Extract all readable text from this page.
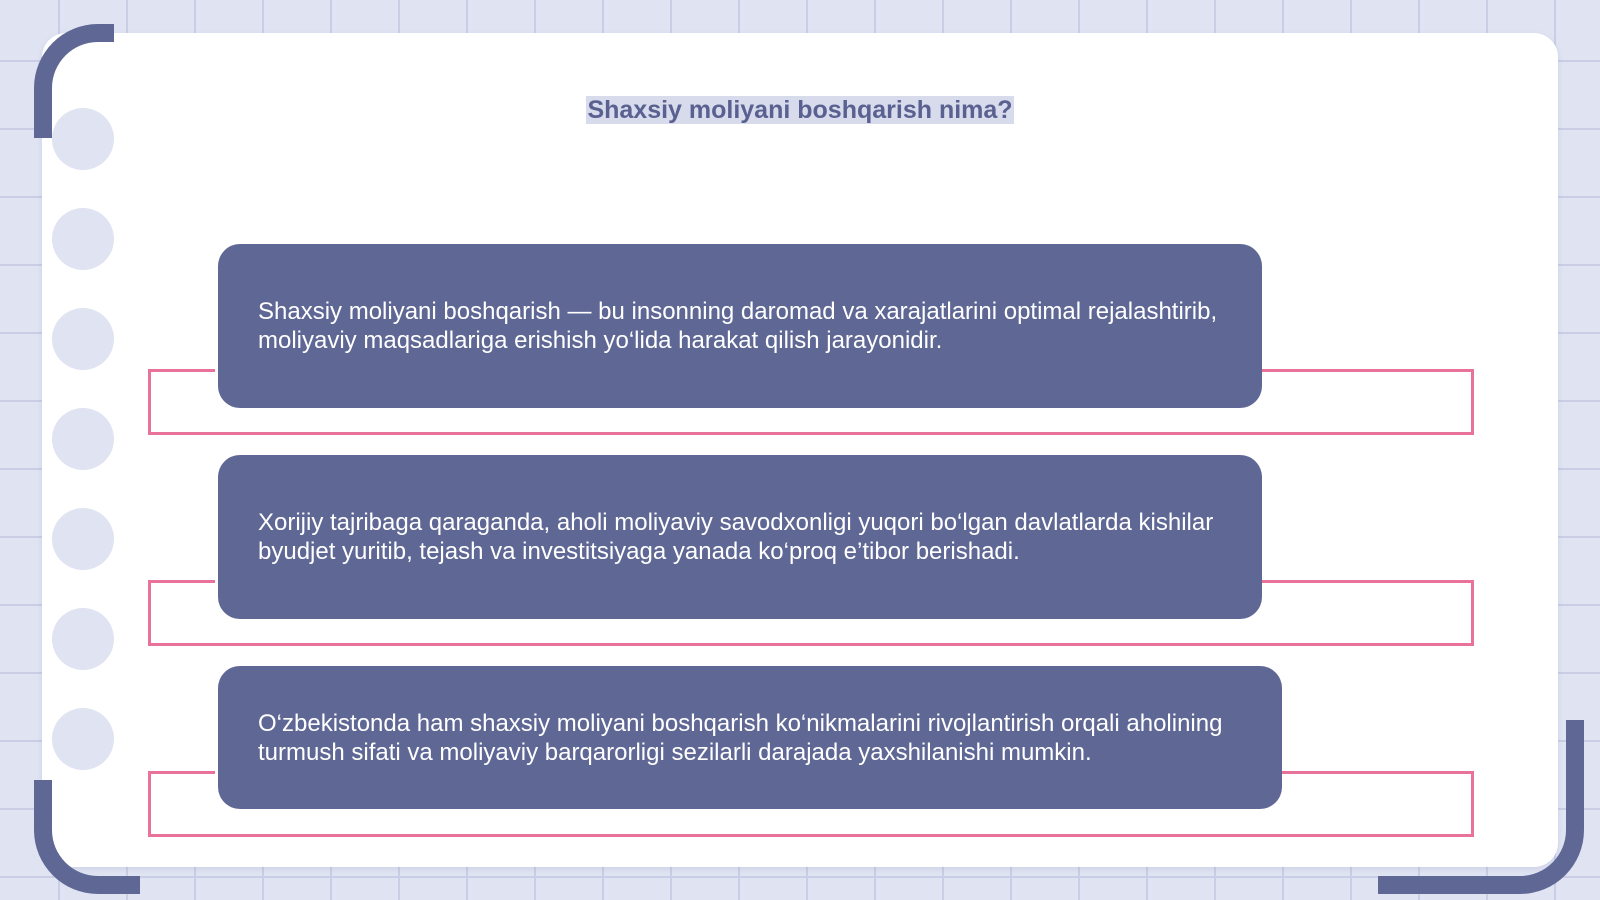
Shaxsiy moliyani boshqarish nima?

Shaxsiy moliyani boshqarish — bu insonning daromad va xarajatlarini optimal rejalashtirib, moliyaviy maqsadlariga erishish yo‘lida harakat qilish jarayonidir.

Xorijiy tajribaga qaraganda, aholi moliyaviy savodxonligi yuqori bo‘lgan davlatlarda kishilar byudjet yuritib, tejash va investitsiyaga yanada ko‘proq e’tibor berishadi.

O‘zbekistonda ham shaxsiy moliyani boshqarish ko‘nikmalarini rivojlantirish orqali aholining turmush sifati va moliyaviy barqarorligi sezilarli darajada yaxshilanishi mumkin.
